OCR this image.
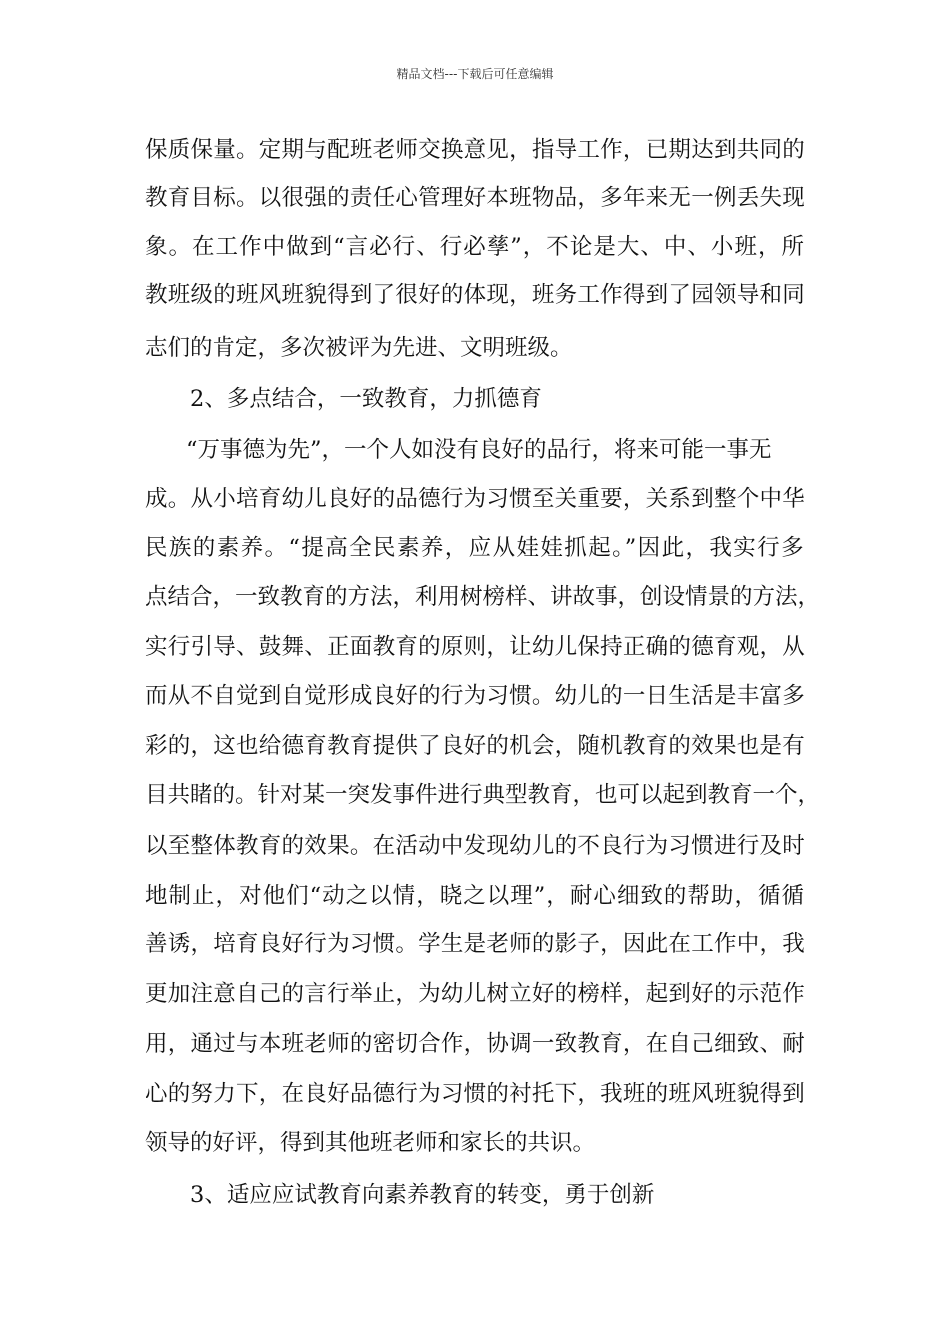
精品文档---下载后可任意编辑
保质保量。定期与配班老师交换意见，指导工作，已期达到共同的
教育目标。以很强的责任心管理好本班物品，多年来无一例丢失现
象。在工作中做到“言必行、行必孳”，不论是大、中、小班，所
教班级的班风班貌得到了很好的体现，班务工作得到了园领导和同
志们的肯定，多次被评为先进、文明班级。
2、多点结合，一致教育，力抓德育
“万事德为先”，一个人如没有良好的品行，将来可能一事无
成。从小培育幼儿良好的品德行为习惯至关重要，关系到整个中华
民族的素养。“提高全民素养，应从娃娃抓起。”因此，我实行多
点结合，一致教育的方法，利用树榜样、讲故事，创设情景的方法，
实行引导、鼓舞、正面教育的原则，让幼儿保持正确的德育观，从
而从不自觉到自觉形成良好的行为习惯。幼儿的一日生活是丰富多
彩的，这也给德育教育提供了良好的机会，随机教育的效果也是有
目共睹的。针对某一突发事件进行典型教育，也可以起到教育一个，
以至整体教育的效果。在活动中发现幼儿的不良行为习惯进行及时
地制止，对他们“动之以情，晓之以理”，耐心细致的帮助，循循
善诱，培育良好行为习惯。学生是老师的影子，因此在工作中，我
更加注意自己的言行举止，为幼儿树立好的榜样，起到好的示范作
用，通过与本班老师的密切合作，协调一致教育，在自己细致、耐
心的努力下，在良好品德行为习惯的衬托下，我班的班风班貌得到
领导的好评，得到其他班老师和家长的共识。
3、适应应试教育向素养教育的转变，勇于创新
